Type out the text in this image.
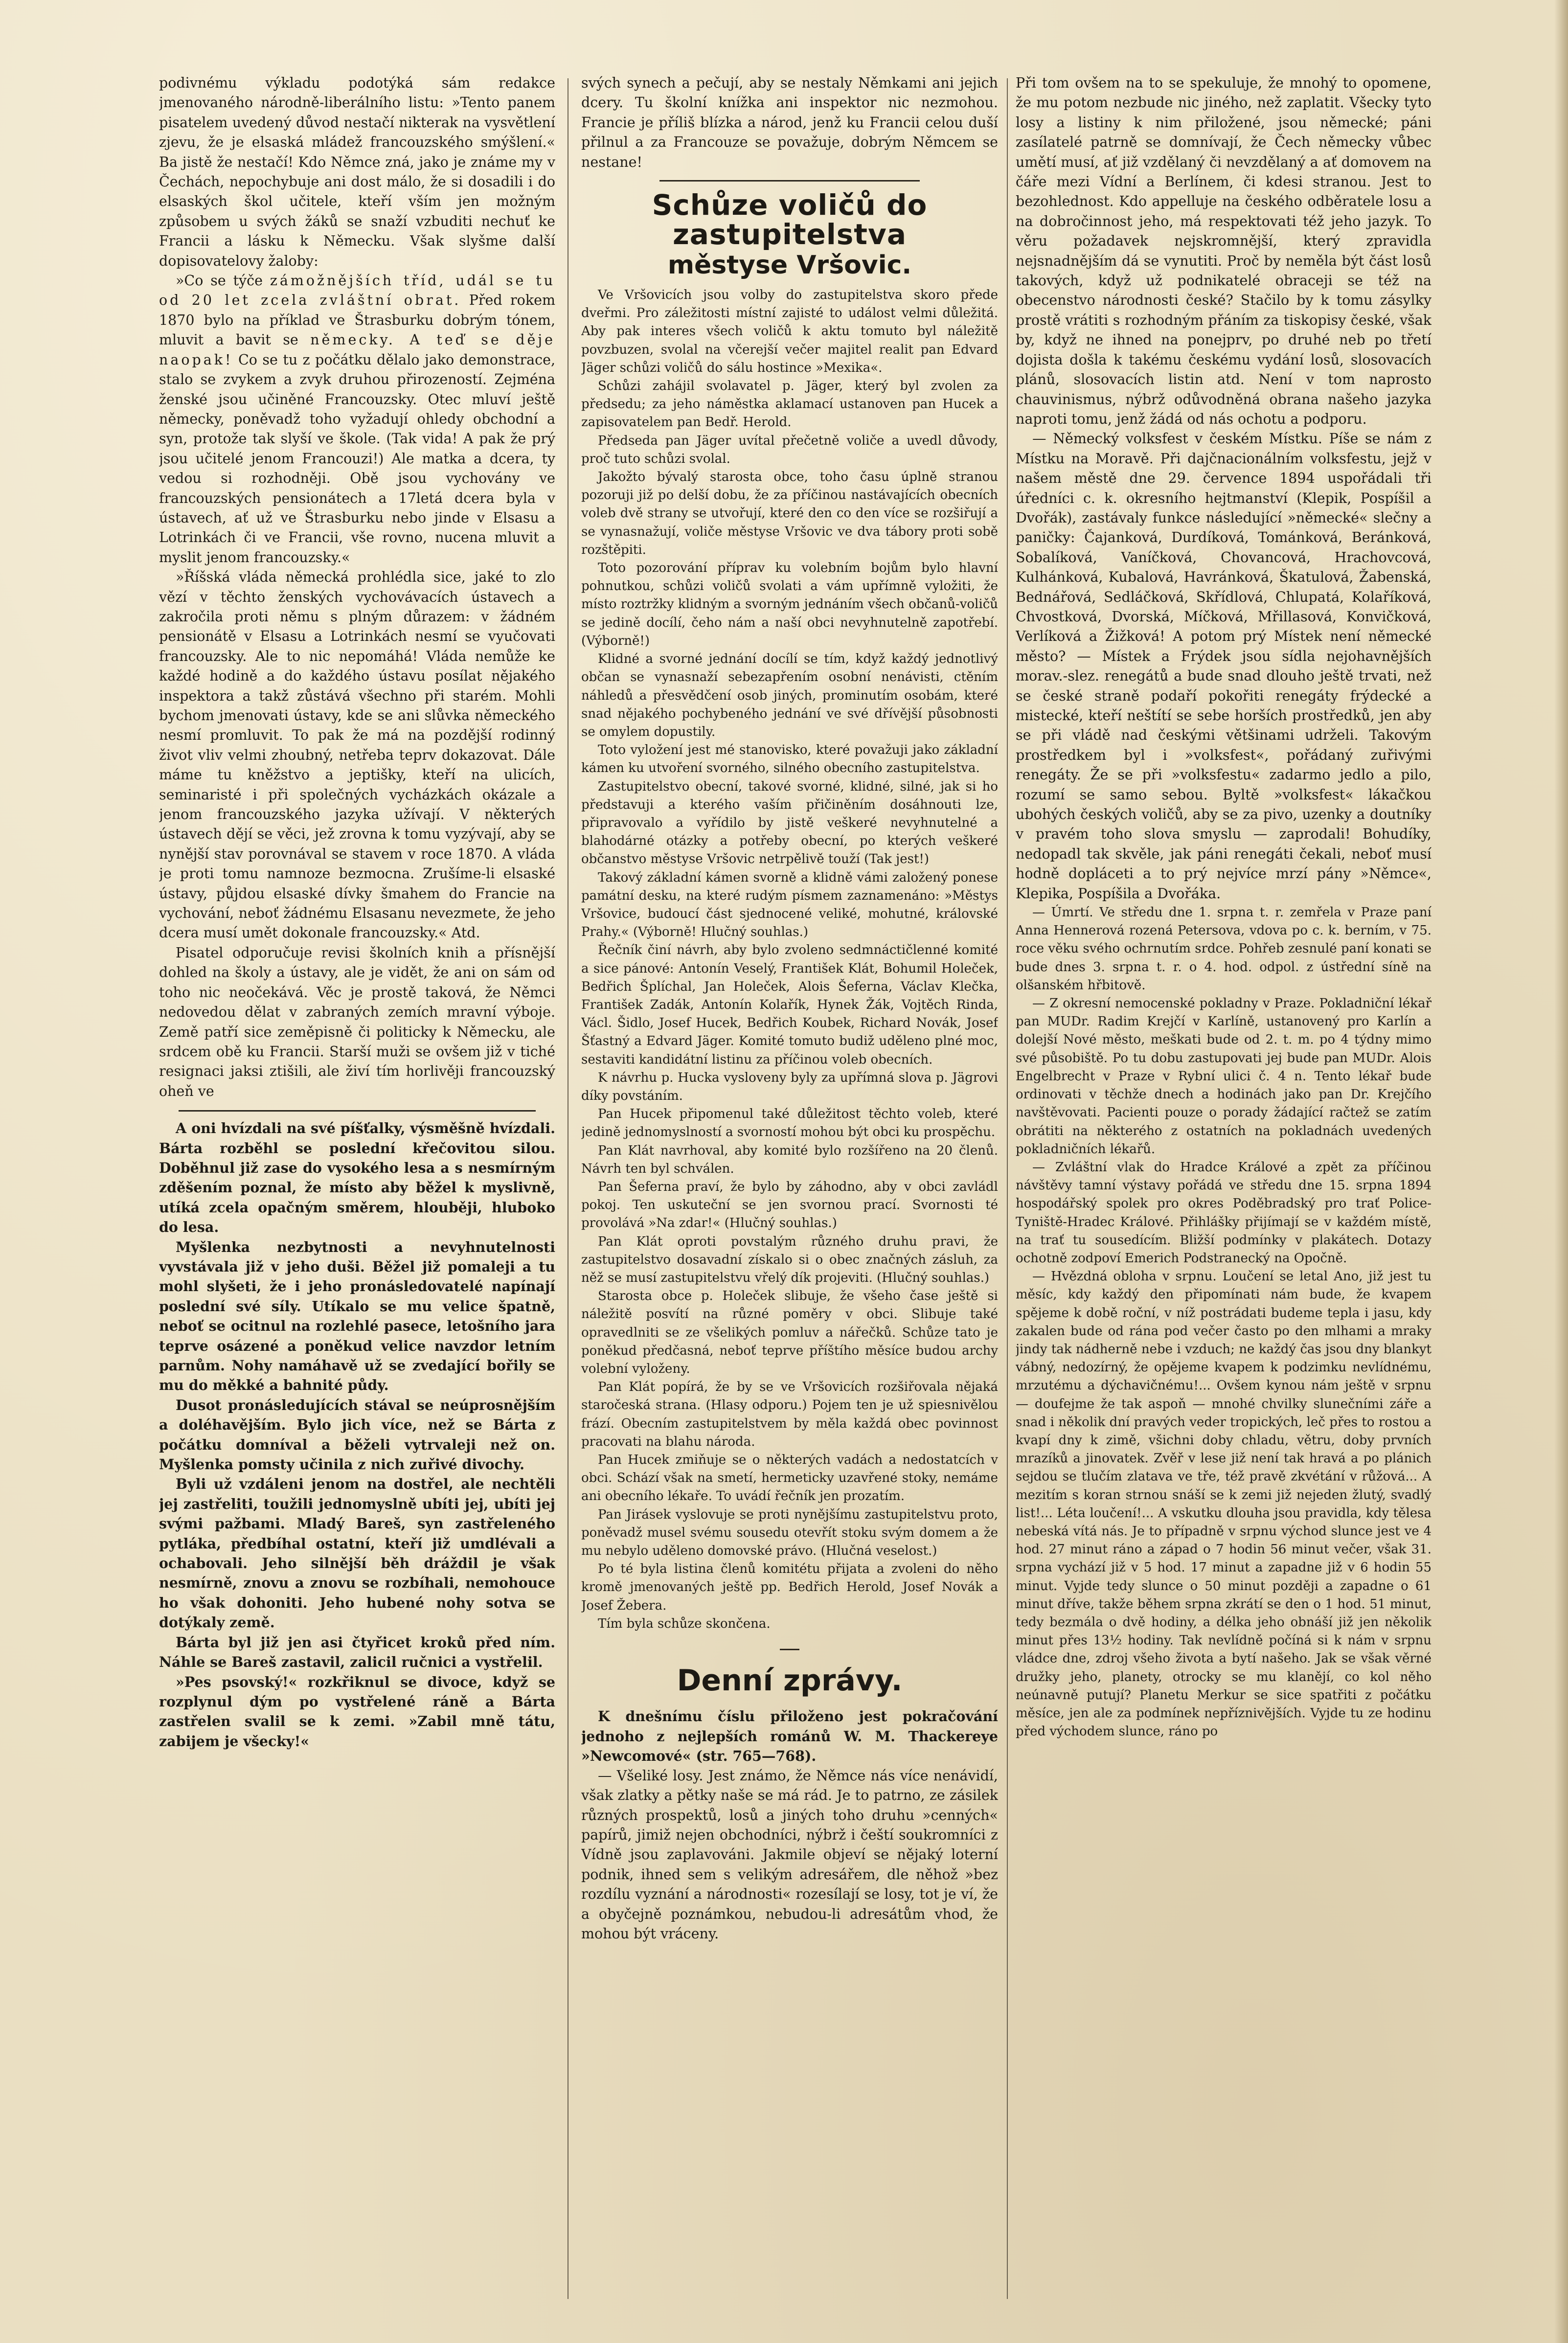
podivnému výkladu podotýká sám redakce jmenovaného národně-liberálního listu: »Tento panem pisatelem uvedený důvod nestačí nikterak na vysvětlení zjevu, že je elsaská mládež francouzského smýšlení.« Ba jistě že nestačí! Kdo Němce zná, jako je známe my v Čechách, nepochybuje ani dost málo, že si dosadili i do elsaských škol učitele, kteří vším jen možným způsobem u svých žáků se snaží vzbuditi nechuť ke Francii a lásku k Německu. Však slyšme další dopisovatelovy žaloby:

»Co se týče zámožnějších tříd, udál se tu od 20 let zcela zvláštní obrat. Před rokem 1870 bylo na příklad ve Štrasburku dobrým tónem, mluvit a bavit se německy. A teď se děje naopak! Co se tu z počátku dělalo jako demonstrace, stalo se zvykem a zvyk druhou přirozeností. Zejména ženské jsou učiněné Francouzsky. Otec mluví ještě německy, poněvadž toho vyžadují ohledy obchodní a syn, protože tak slyší ve škole. (Tak vida! A pak že prý jsou učitelé jenom Francouzi!) Ale matka a dcera, ty vedou si rozhodněji. Obě jsou vychovány ve francouzských pensionátech a 17letá dcera byla v ústavech, ať už ve Štrasburku nebo jinde v Elsasu a Lotrinkách či ve Francii, vše rovno, nucena mluvit a myslit jenom francouzsky.«

»Říšská vláda německá prohlédla sice, jaké to zlo vězí v těchto ženských vychovávacích ústavech a zakročila proti němu s plným důrazem: v žádném pensionátě v Elsasu a Lotrinkách nesmí se vyučovati francouzsky. Ale to nic nepomáhá! Vláda nemůže ke každé hodině a do každého ústavu posílat nějakého inspektora a takž zůstává všechno při starém. Mohli bychom jmenovati ústavy, kde se ani slůvka německého nesmí promluvit. To pak že má na pozdější rodinný život vliv velmi zhoubný, netřeba teprv dokazovat. Dále máme tu kněžstvo a jeptišky, kteří na ulicích, seminaristé i při společných vycházkách okázale a jenom francouzského jazyka užívají. V některých ústavech dějí se věci, jež zrovna k tomu vyzývají, aby se nynější stav porovnával se stavem v roce 1870. A vláda je proti tomu namnoze bezmocna. Zrušíme-li elsaské ústavy, půjdou elsaské dívky šmahem do Francie na vychování, neboť žádnému Elsasanu nevezmete, že jeho dcera musí umět dokonale francouzsky.« Atd.

Pisatel odporučuje revisi školních knih a přísnější dohled na školy a ústavy, ale je vidět, že ani on sám od toho nic neočekává. Věc je prostě taková, že Němci nedovedou dělat v zabraných zemích mravní výboje. Země patří sice zeměpisně či politicky k Německu, ale srdcem obě ku Francii. Starší muži se ovšem již v tiché resignaci jaksi ztišili, ale živí tím horlivěji francouzský oheň ve

A oni hvízdali na své píšťalky, výsměšně hvízdali. Bárta rozběhl se poslední křečovitou silou. Doběhnul již zase do vysokého lesa a s nesmírným zděšením poznal, že místo aby běžel k myslivně, utíká zcela opačným směrem, hlouběji, hluboko do lesa.

Myšlenka nezbytnosti a nevyhnutelnosti vyvstávala již v jeho duši. Běžel již pomaleji a tu mohl slyšeti, že i jeho pronásledovatelé napínají poslední své síly. Utíkalo se mu velice špatně, neboť se ocitnul na rozlehlé pasece, letošního jara teprve osázené a poněkud velice navzdor letním parnům. Nohy namáhavě už se zvedající bořily se mu do měkké a bahnité půdy.

Dusot pronásledujících stával se neúprosnějším a doléhavějším. Bylo jich více, než se Bárta z počátku domníval a běželi vytrvaleji než on. Myšlenka pomsty učinila z nich zuřivé divochy.

Byli už vzdáleni jenom na dostřel, ale nechtěli jej zastřeliti, toužili jednomyslně ubíti jej, ubíti jej svými pažbami. Mladý Bareš, syn zastřeleného pytláka, předbíhal ostatní, kteří již umdlévali a ochabovali. Jeho silnější běh dráždil je však nesmírně, znovu a znovu se rozbíhali, nemohouce ho však dohoniti. Jeho hubené nohy sotva se dotýkaly země.

Bárta byl již jen asi čtyřicet kroků před ním. Náhle se Bareš zastavil, zalicil ručnici a vystřelil.

»Pes psovský!« rozkřiknul se divoce, když se rozplynul dým po vystřelené ráně a Bárta zastřelen svalil se k zemi. »Zabil mně tátu, zabijem je všecky!«

svých synech a pečují, aby se nestaly Němkami ani jejich dcery. Tu školní knížka ani inspektor nic nezmohou. Francie je příliš blízka a národ, jenž ku Francii celou duší přilnul a za Francouze se považuje, dobrým Němcem se nestane!

Schůze voličů do zastupitelstva
městyse Vršovic.

Ve Vršovicích jsou volby do zastupitelstva skoro přede dveřmi. Pro záležitosti místní zajisté to událost velmi důležitá. Aby pak interes všech voličů k aktu tomuto byl náležitě povzbuzen, svolal na včerejší večer majitel realit pan Edvard Jäger schůzi voličů do sálu hostince »Mexika«.

Schůzi zahájil svolavatel p. Jäger, který byl zvolen za předsedu; za jeho náměstka aklamací ustanoven pan Hucek a zapisovatelem pan Bedř. Herold.

Předseda pan Jäger uvítal přečetně voliče a uvedl důvody, proč tuto schůzi svolal.

Jakožto bývalý starosta obce, toho času úplně stranou pozoruji již po delší dobu, že za příčinou nastávajících obecních voleb dvě strany se utvořují, které den co den více se rozšiřují a se vynasnažují, voliče městyse Vršovic ve dva tábory proti sobě rozštěpiti.

Toto pozorování příprav ku volebním bojům bylo hlavní pohnutkou, schůzi voličů svolati a vám upřímně vyložiti, že místo roztržky klidným a svorným jednáním všech občanů-voličů se jedině docílí, čeho nám a naší obci nevyhnutelně zapotřebí. (Výborně!)

Klidné a svorné jednání docílí se tím, když každý jednotlivý občan se vynasnaží sebezapřením osobní nenávisti, ctěním náhledů a přesvědčení osob jiných, prominutím osobám, které snad nějakého pochybeného jednání ve své dřívější působnosti se omylem dopustily.

Toto vyložení jest mé stanovisko, které považuji jako základní kámen ku utvoření svorného, silného obecního zastupitelstva.

Zastupitelstvo obecní, takové svorné, klidné, silné, jak si ho představuji a kterého vaším přičiněním dosáhnouti lze, připravovalo a vyřídilo by jistě veškeré nevyhnutelné a blahodárné otázky a potřeby obecní, po kterých veškeré občanstvo městyse Vršovic netrpělivě touží (Tak jest!)

Takový základní kámen svorně a klidně vámi založený ponese památní desku, na které rudým písmem zaznamenáno: »Městys Vršovice, budoucí část sjednocené veliké, mohutné, královské Prahy.« (Výborně! Hlučný souhlas.)

Řečník činí návrh, aby bylo zvoleno sedmnáctičlenné komité a sice pánové: Antonín Veselý, František Klát, Bohumil Holeček, Bedřich Šplíchal, Jan Holeček, Alois Šeferna, Václav Klečka, František Zadák, Antonín Kolařík, Hynek Žák, Vojtěch Rinda, Václ. Šidlo, Josef Hucek, Bedřich Koubek, Richard Novák, Josef Šťastný a Edvard Jäger. Komité tomuto budiž uděleno plné moc, sestaviti kandidátní listinu za příčinou voleb obecních.

K návrhu p. Hucka vysloveny byly za upřímná slova p. Jägrovi díky povstáním.

Pan Hucek připomenul také důležitost těchto voleb, které jedině jednomyslností a svorností mohou být obci ku prospěchu.

Pan Klát navrhoval, aby komité bylo rozšířeno na 20 členů. Návrh ten byl schválen.

Pan Šeferna praví, že bylo by záhodno, aby v obci zavládl pokoj. Ten uskuteční se jen svornou prací. Svornosti té provolává »Na zdar!« (Hlučný souhlas.)

Pan Klát oproti povstalým různého druhu pravi, že zastupitelstvo dosavadní získalo si o obec značných zásluh, za něž se musí zastupitelstvu vřelý dík projeviti. (Hlučný souhlas.)

Starosta obce p. Holeček slibuje, že všeho čase ještě si náležitě posvítí na různé poměry v obci. Slibuje také opravedlniti se ze všelikých pomluv a nářečků. Schůze tato je poněkud předčasná, neboť teprve příštího měsíce budou archy volební vyloženy.

Pan Klát popírá, že by se ve Vršovicích rozšiřovala nějaká staročeská strana. (Hlasy odporu.) Pojem ten je už spiesnivělou frází. Obecním zastupitelstvem by měla každá obec povinnost pracovati na blahu národa.

Pan Hucek zmiňuje se o některých vadách a nedostatcích v obci. Schází však na smetí, hermeticky uzavřené stoky, nemáme ani obecního lékaře. To uvádí řečník jen prozatím.

Pan Jirásek vyslovuje se proti nynějšímu zastupitelstvu proto, poněvadž musel svému sousedu otevřít stoku svým domem a že mu nebylo uděleno domovské právo. (Hlučná veselost.)

Po té byla listina členů komitétu přijata a zvoleni do něho kromě jmenovaných ještě pp. Bedřich Herold, Josef Novák a Josef Žebera.

Tím byla schůze skončena.

Denní zprávy.

K dnešnímu číslu přiloženo jest pokračování jednoho z nejlepších románů W. M. Thackereye »Newcomové« (str. 765—768).

— Všeliké losy. Jest známo, že Němce nás více nenávidí, však zlatky a pětky naše se má rád. Je to patrno, ze zásilek různých prospektů, losů a jiných toho druhu »cenných« papírů, jimiž nejen obchodníci, nýbrž i čeští soukromníci z Vídně jsou zaplavováni. Jakmile objeví se nějaký loterní podnik, ihned sem s velikým adresářem, dle něhož »bez rozdílu vyznání a národnosti« rozesílají se losy, tot je ví, že a obyčejně poznámkou, nebudou-li adresátům vhod, že mohou být vráceny.

Při tom ovšem na to se spekuluje, že mnohý to opomene, že mu potom nezbude nic jiného, než zaplatit. Všecky tyto losy a listiny k nim přiložené, jsou německé; páni zasílatelé patrně se domnívají, že Čech německy vůbec umětí musí, ať již vzdělaný či nevzdělaný a ať domovem na čáře mezi Vídní a Berlínem, či kdesi stranou. Jest to bezohlednost. Kdo appelluje na českého odběratele losu a na dobročinnost jeho, má respektovati též jeho jazyk. To věru požadavek nejskromnější, který zpravidla nejsnadnějším dá se vynutiti. Proč by neměla být část losů takových, když už podnikatelé obraceji se též na obecenstvo národnosti české? Stačilo by k tomu zásylky prostě vrátiti s rozhodným přáním za tiskopisy české, však by, když ne ihned na ponejprv, po druhé neb po třetí dojista došla k takému českému vydání losů, slosovacích plánů, slosovacích listin atd. Není v tom naprosto chauvinismus, nýbrž odůvodněná obrana našeho jazyka naproti tomu, jenž žádá od nás ochotu a podporu.

— Německý volksfest v českém Místku. Píše se nám z Místku na Moravě. Při dajčnacionálním volksfestu, jejž v našem městě dne 29. července 1894 uspořádali tři úředníci c. k. okresního hejtmanství (Klepik, Pospíšil a Dvořák), zastávaly funkce následující »německé« slečny a paničky: Čajanková, Durdíková, Tománková, Beránková, Sobalíková, Vaníčková, Chovancová, Hrachovcová, Kulhánková, Kubalová, Havránková, Škatulová, Žabenská, Bednářová, Sedláčková, Skřídlová, Chlupatá, Kolaříková, Chvostková, Dvorská, Míčková, Mřillasová, Konvičková, Verlíková a Žižková! A potom prý Místek není německé město? — Místek a Frýdek jsou sídla nejohavnějších morav.-slez. renegátů a bude snad dlouho ještě trvati, než se české straně podaří pokořiti renegáty frýdecké a mistecké, kteří neštítí se sebe horších prostředků, jen aby se při vládě nad českými většinami udrželi. Takovým prostředkem byl i »volksfest«, pořádaný zuřivými renegáty. Že se při »volksfestu« zadarmo jedlo a pilo, rozumí se samo sebou. Byltě »volksfest« lákačkou ubohých českých voličů, aby se za pivo, uzenky a doutníky v pravém toho slova smyslu — zaprodali! Bohudíky, nedopadl tak skvěle, jak páni renegáti čekali, neboť musí hodně dopláceti a to prý nejvíce mrzí pány »Němce«, Klepika, Pospíšila a Dvořáka.

— Úmrtí. Ve středu dne 1. srpna t. r. zemřela v Praze paní Anna Hennerová rozená Petersova, vdova po c. k. berním, v 75. roce věku svého ochrnutím srdce. Pohřeb zesnulé paní konati se bude dnes 3. srpna t. r. o 4. hod. odpol. z ústřední síně na olšanském hřbitově.

— Z okresní nemocenské pokladny v Praze. Pokladniční lékař pan MUDr. Radim Krejčí v Karlíně, ustanovený pro Karlín a dolejší Nové město, meškati bude od 2. t. m. po 4 týdny mimo své působiště. Po tu dobu zastupovati jej bude pan MUDr. Alois Engelbrecht v Praze v Rybní ulici č. 4 n. Tento lékař bude ordinovati v těchže dnech a hodinách jako pan Dr. Krejčího navštěvovati. Pacienti pouze o porady žádající račtež se zatím obrátiti na některého z ostatních na pokladnách uvedených pokladničních lékařů.

— Zvláštní vlak do Hradce Králové a zpět za příčinou návštěvy tamní výstavy pořádá ve středu dne 15. srpna 1894 hospodářský spolek pro okres Poděbradský pro trať Police-Tyniště-Hradec Králové. Přihlášky přijímají se v každém místě, na trať tu sousedícím. Bližší podmínky v plakátech. Dotazy ochotně zodpoví Emerich Podstranecký na Opočně.

— Hvězdná obloha v srpnu. Loučení se letal Ano, již jest tu měsíc, kdy každý den připomínati nám bude, že kvapem spějeme k době roční, v níž postrádati budeme tepla i jasu, kdy zakalen bude od rána pod večer často po den mlhami a mraky jindy tak nádherně nebe i vzduch; ne každý čas jsou dny blankyt vábný, nedozírný, že opějeme kvapem k podzimku nevlídnému, mrzutému a dýchavičnému!... Ovšem kynou nám ještě v srpnu — doufejme že tak aspoň — mnohé chvilky slunečními záře a snad i několik dní pravých veder tropických, leč přes to rostou a kvapí dny k zimě, všichni doby chladu, větru, doby prvních mrazíků a jinovatek. Zvěř v lese již není tak hravá a po plánich sejdou se tlučím zlatava ve tře, též pravě zkvétání v růžová... A mezitím s koran strnou snáší se k zemi již nejeden žlutý, svadlý list!... Léta loučení!... A vskutku dlouha jsou pravidla, kdy tělesa nebeská vítá nás. Je to případně v srpnu východ slunce jest ve 4 hod. 27 minut ráno a západ o 7 hodin 56 minut večer, však 31. srpna vychází již v 5 hod. 17 minut a zapadne již v 6 hodin 55 minut. Vyjde tedy slunce o 50 minut později a zapadne o 61 minut dříve, takže během srpna zkrátí se den o 1 hod. 51 minut, tedy bezmála o dvě hodiny, a délka jeho obnáší již jen několik minut přes 13½ hodiny. Tak nevlídně počíná si k nám v srpnu vládce dne, zdroj všeho života a bytí našeho. Jak se však věrné družky jeho, planety, otrocky se mu klanějí, co kol něho neúnavně putují? Planetu Merkur se sice spatřiti z počátku měsíce, jen ale za podmínek nepříznivějších. Vyjde tu ze hodinu před východem slunce, ráno po
